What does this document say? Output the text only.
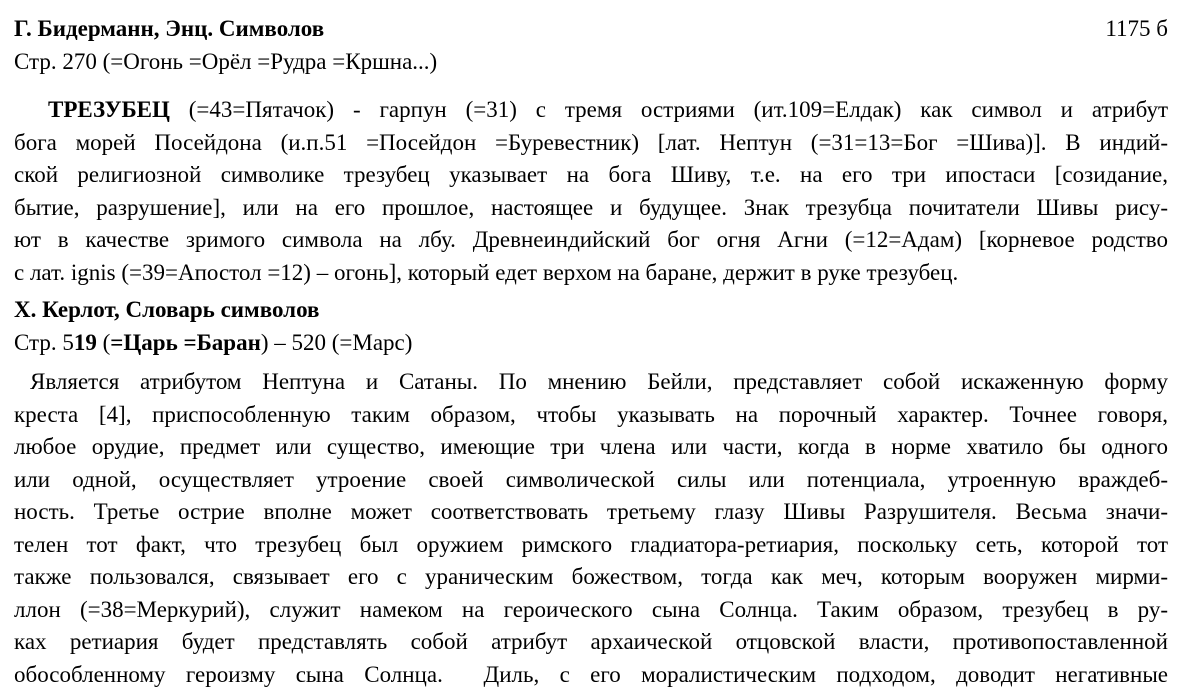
Г. Бидерманн, Энц. Символов	1175 б
Стр. 270 (=Огонь =Орёл =Рудра =Кршна...)
ТРЕЗУБЕЦ (=43=Пятачок) - гарпун (=31) с тремя остриями (ит.109=Елдак) как символ и атрибут
бога морей Посейдона (и.п.51 =Посейдон =Буревестник) [лат. Нептун (=31=13=Бог =Шива)]. В индий-
ской религиозной символике трезубец указывает на бога Шиву, т.е. на его три ипостаси [созидание,
бытие, разрушение], или на его прошлое, настоящее и будущее. Знак трезубца почитатели Шивы рису-
ют в качестве зримого символа на лбу. Древнеиндийский бог огня Агни (=12=Адам) [корневое родство
с лат. ignis (=39=Апостол =12) – огонь], который едет верхом на баране, держит в руке трезубец.
Х. Керлот, Словарь символов
Стр. 519 (=Царь =Баран) – 520 (=Марс)
Является атрибутом Нептуна и Сатаны. По мнению Бейли, представляет собой искаженную форму
креста [4], приспособленную таким образом, чтобы указывать на порочный характер. Точнее говоря,
любое орудие, предмет или существо, имеющие три члена или части, когда в норме хватило бы одного
или одной, осуществляет утроение своей символической силы или потенциала, утроенную враждеб-
ность. Третье острие вполне может соответствовать третьему глазу Шивы Разрушителя. Весьма значи-
телен тот факт, что трезубец был оружием римского гладиатора-ретиария, поскольку сеть, которой тот
также пользовался, связывает его с ураническим божеством, тогда как меч, которым вооружен мирми-
ллон (=38=Меркурий), служит намеком на героического сына Солнца. Таким образом, трезубец в ру-
ках ретиария будет представлять собой атрибут архаической отцовской власти, противопоставленной
обособленному героизму сына Солнца.  Диль, с его моралистическим подходом, доводит негативные
